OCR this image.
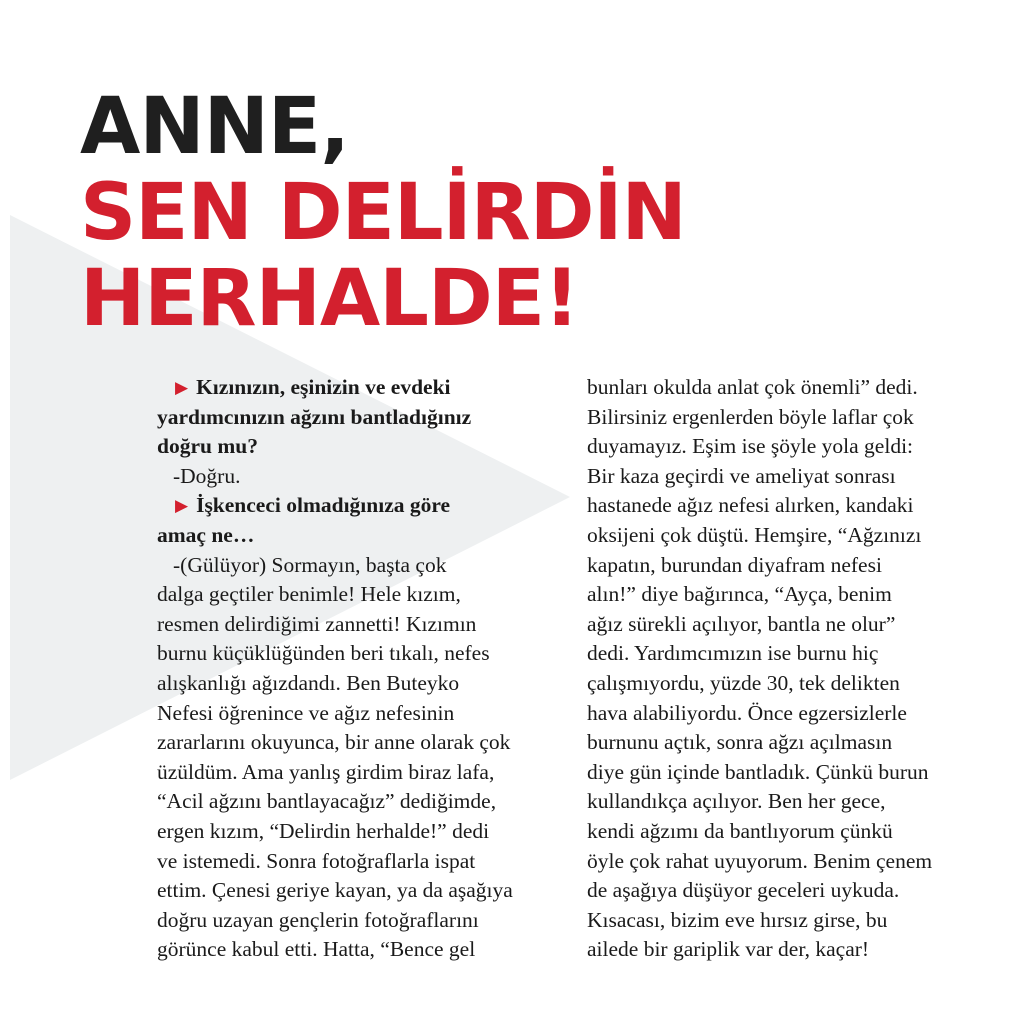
ANNE,
SEN DELİRDİN
HERHALDE!
▶ Kızınızın, eşinizin ve evdeki
yardımcınızın ağzını bantladığınız
doğru mu?
-Doğru.
▶ İşkenceci olmadığınıza göre
amaç ne…
-(Gülüyor) Sormayın, başta çok
dalga geçtiler benimle! Hele kızım,
resmen delirdiğimi zannetti! Kızımın
burnu küçüklüğünden beri tıkalı, nefes
alışkanlığı ağızdandı. Ben Buteyko
Nefesi öğrenince ve ağız nefesinin
zararlarını okuyunca, bir anne olarak çok
üzüldüm. Ama yanlış girdim biraz lafa,
“Acil ağzını bantlayacağız” dediğimde,
ergen kızım, “Delirdin herhalde!” dedi
ve istemedi. Sonra fotoğraflarla ispat
ettim. Çenesi geriye kayan, ya da aşağıya
doğru uzayan gençlerin fotoğraflarını
görünce kabul etti. Hatta, “Bence gel
bunları okulda anlat çok önemli” dedi.
Bilirsiniz ergenlerden böyle laflar çok
duyamayız. Eşim ise şöyle yola geldi:
Bir kaza geçirdi ve ameliyat sonrası
hastanede ağız nefesi alırken, kandaki
oksijeni çok düştü. Hemşire, “Ağzınızı
kapatın, burundan diyafram nefesi
alın!” diye bağırınca, “Ayça, benim
ağız sürekli açılıyor, bantla ne olur”
dedi. Yardımcımızın ise burnu hiç
çalışmıyordu, yüzde 30, tek delikten
hava alabiliyordu. Önce egzersizlerle
burnunu açtık, sonra ağzı açılmasın
diye gün içinde bantladık. Çünkü burun
kullandıkça açılıyor. Ben her gece,
kendi ağzımı da bantlıyorum çünkü
öyle çok rahat uyuyorum. Benim çenem
de aşağıya düşüyor geceleri uykuda.
Kısacası, bizim eve hırsız girse, bu
ailede bir gariplik var der, kaçar!
